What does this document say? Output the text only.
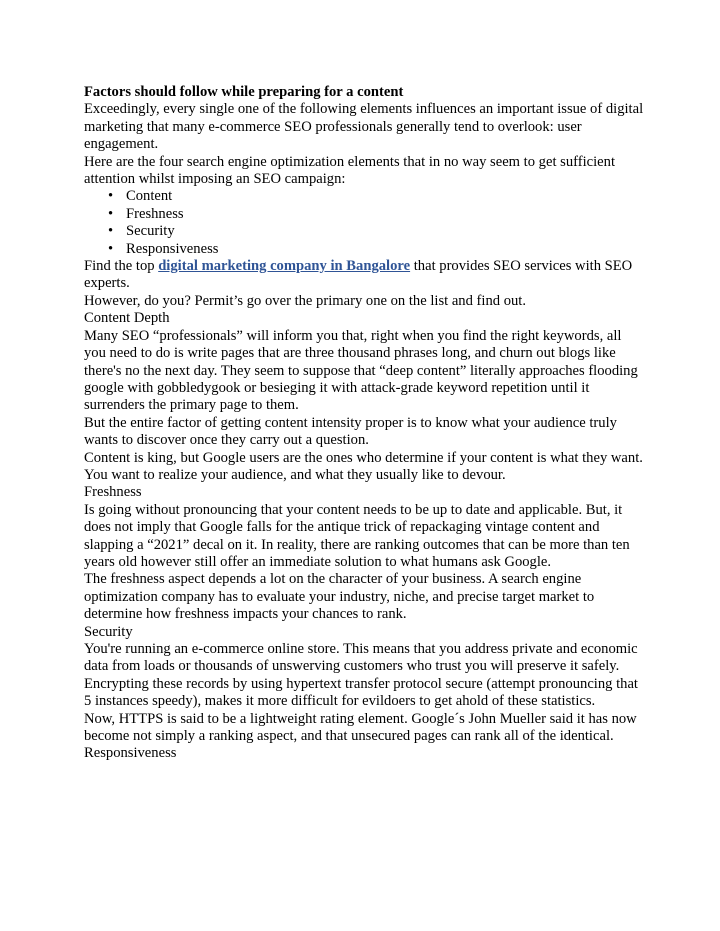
Factors should follow while preparing for a content

Exceedingly, every single one of the following elements influences an important issue of digital marketing that many e-commerce SEO professionals generally tend to overlook: user engagement.

Here are the four search engine optimization elements that in no way seem to get sufficient attention whilst imposing an SEO campaign:

• Content
• Freshness
• Security
• Responsiveness

Find the top digital marketing company in Bangalore that provides SEO services with SEO experts.

However, do you? Permit’s go over the primary one on the list and find out.

Content Depth

Many SEO “professionals” will inform you that, right when you find the right keywords, all you need to do is write pages that are three thousand phrases long, and churn out blogs like there's no the next day. They seem to suppose that “deep content” literally approaches flooding google with gobbledygook or besieging it with attack-grade keyword repetition until it surrenders the primary page to them.

But the entire factor of getting content intensity proper is to know what your audience truly wants to discover once they carry out a question.

Content is king, but Google users are the ones who determine if your content is what they want. You want to realize your audience, and what they usually like to devour.

Freshness

Is going without pronouncing that your content needs to be up to date and applicable. But, it does not imply that Google falls for the antique trick of repackaging vintage content and slapping a “2021” decal on it. In reality, there are ranking outcomes that can be more than ten years old however still offer an immediate solution to what humans ask Google.

The freshness aspect depends a lot on the character of your business. A search engine optimization company has to evaluate your industry, niche, and precise target market to determine how freshness impacts your chances to rank.

Security

You're running an e-commerce online store. This means that you address private and economic data from loads or thousands of unswerving customers who trust you will preserve it safely.

Encrypting these records by using hypertext transfer protocol secure (attempt pronouncing that 5 instances speedy), makes it more difficult for evildoers to get ahold of these statistics.

Now, HTTPS is said to be a lightweight rating element. Google´s John Mueller said it has now become not simply a ranking aspect, and that unsecured pages can rank all of the identical.

Responsiveness
